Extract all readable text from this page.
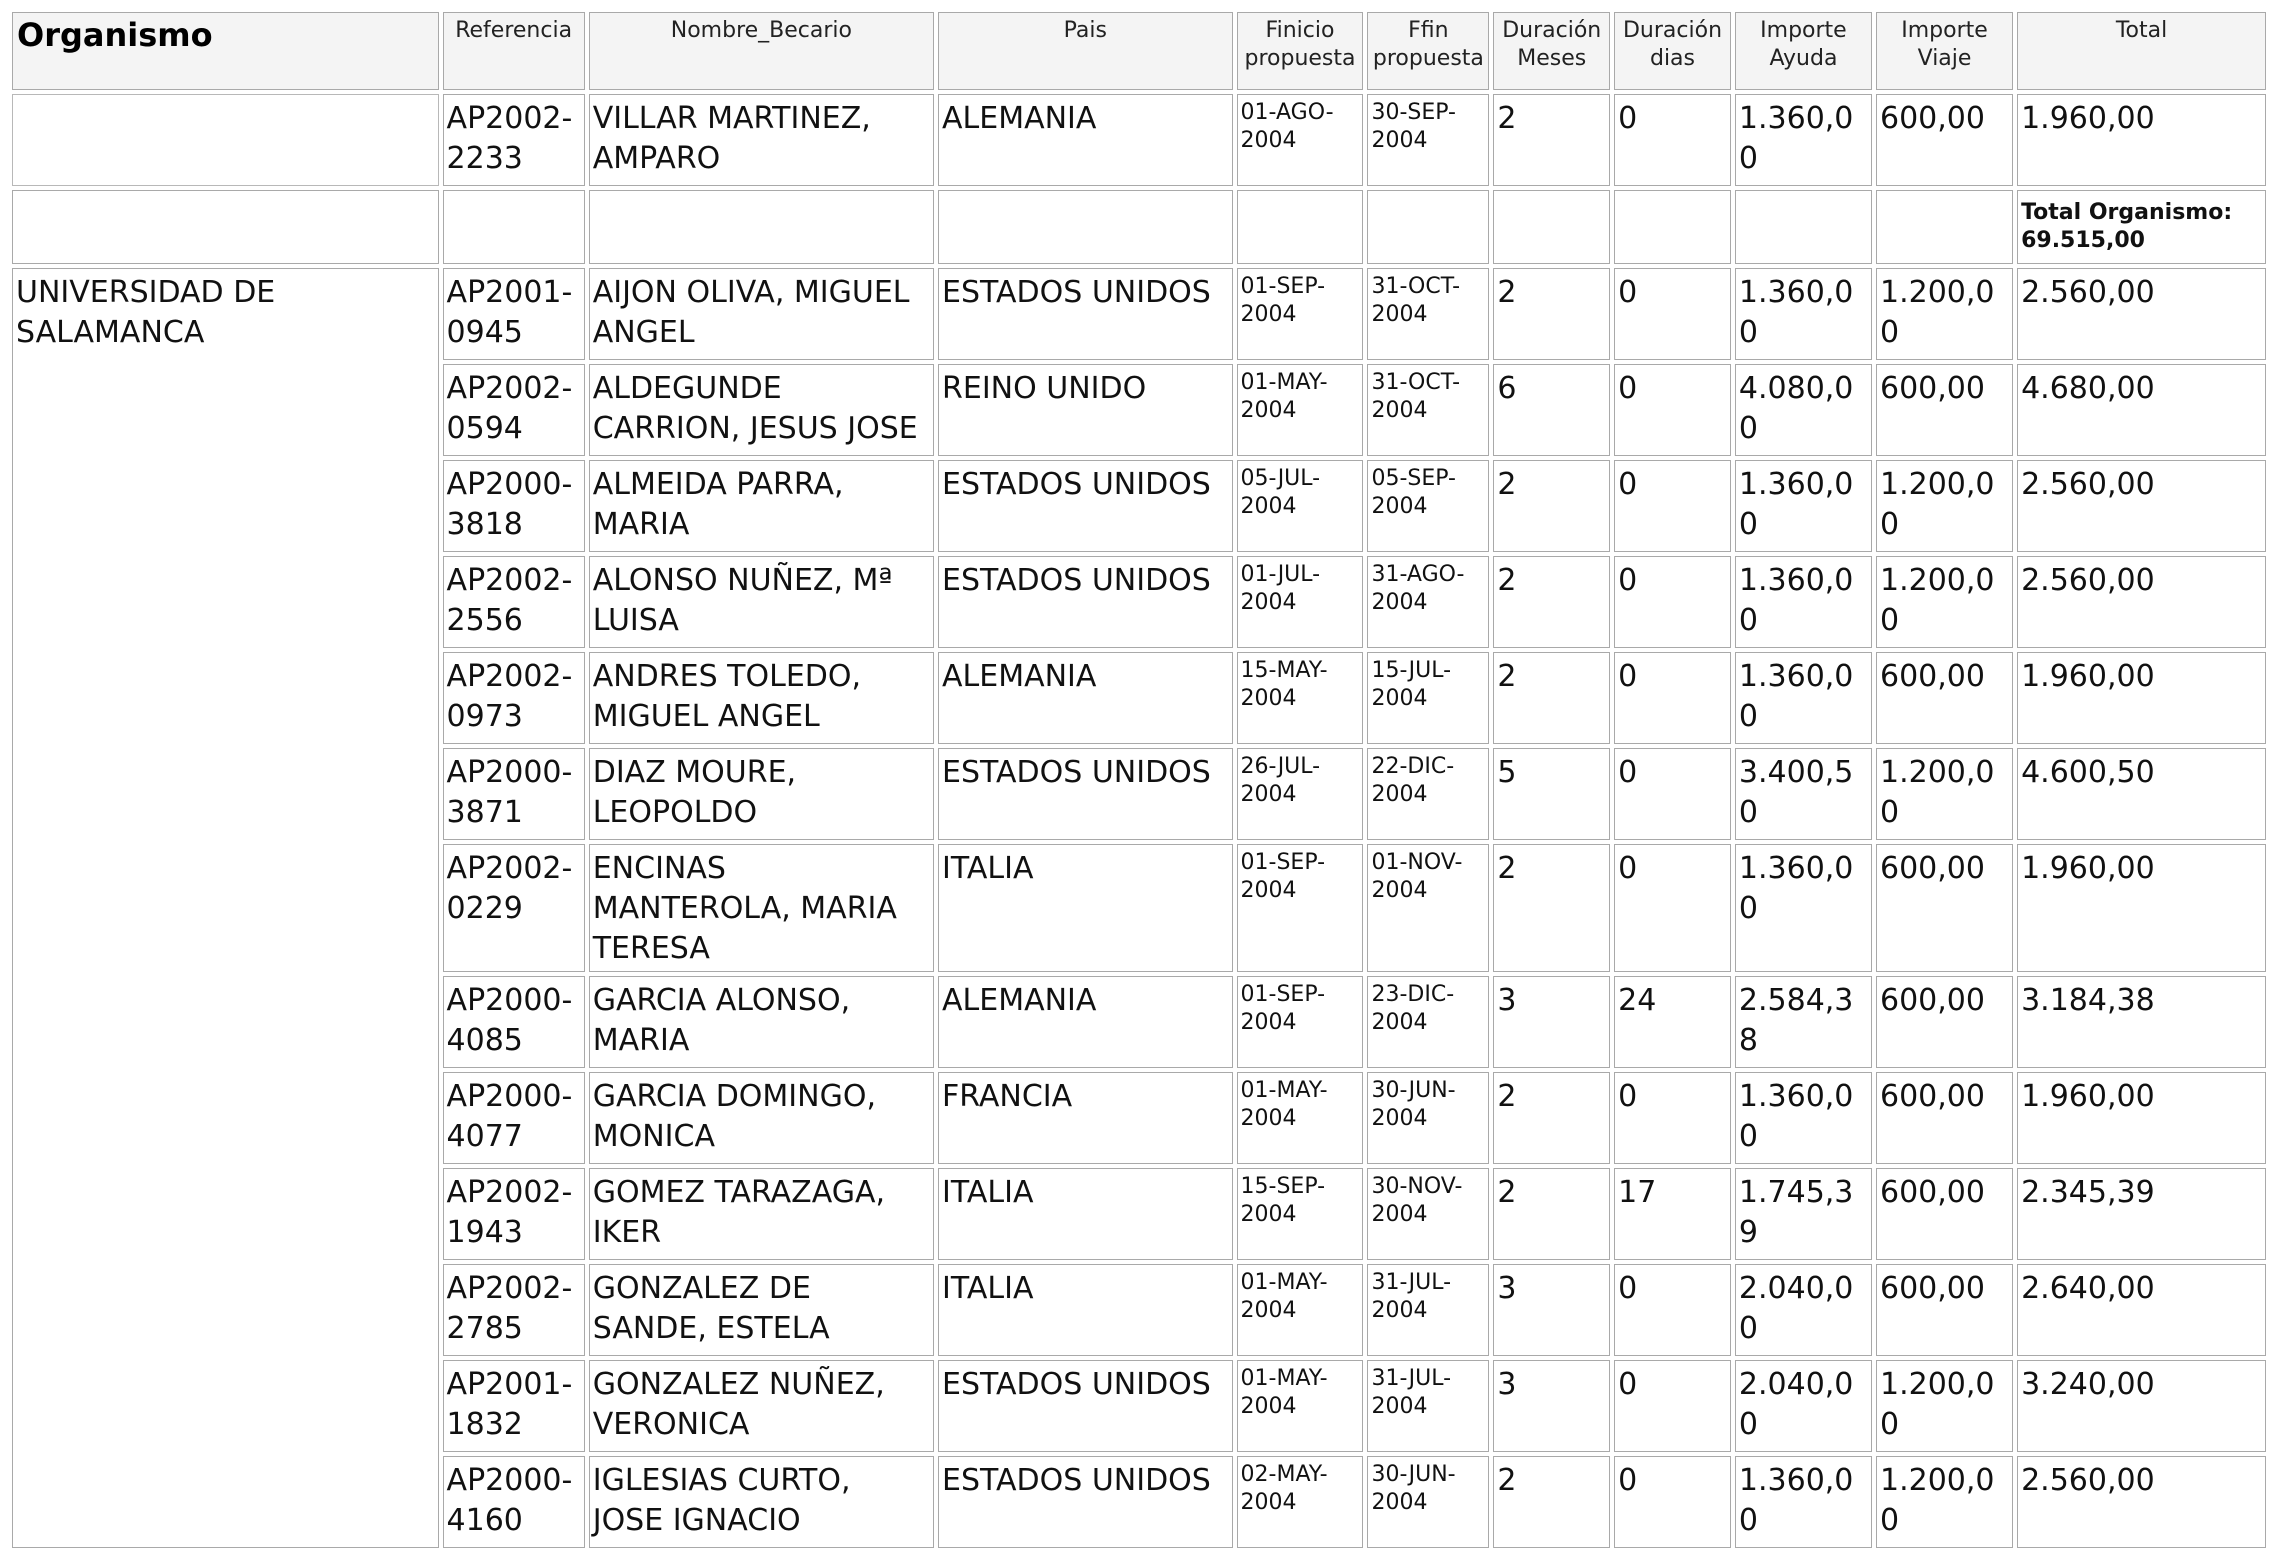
Organismo	Referencia	Nombre_Becario	Pais	Finicio propuesta	Ffin propuesta	Duración Meses	Duración dias	Importe Ayuda	Importe Viaje	Total
	AP2002-2233	VILLAR MARTINEZ, AMPARO	ALEMANIA	01-AGO-2004	30-SEP-2004	2	0	1.360,00	600,00	1.960,00
										Total Organismo: 69.515,00
UNIVERSIDAD DE SALAMANCA	AP2001-0945	AIJON OLIVA, MIGUEL ANGEL	ESTADOS UNIDOS	01-SEP-2004	31-OCT-2004	2	0	1.360,00	1.200,00	2.560,00
	AP2002-0594	ALDEGUNDE CARRION, JESUS JOSE	REINO UNIDO	01-MAY-2004	31-OCT-2004	6	0	4.080,00	600,00	4.680,00
	AP2000-3818	ALMEIDA PARRA, MARIA	ESTADOS UNIDOS	05-JUL-2004	05-SEP-2004	2	0	1.360,00	1.200,00	2.560,00
	AP2002-2556	ALONSO NUÑEZ, Mª LUISA	ESTADOS UNIDOS	01-JUL-2004	31-AGO-2004	2	0	1.360,00	1.200,00	2.560,00
	AP2002-0973	ANDRES TOLEDO, MIGUEL ANGEL	ALEMANIA	15-MAY-2004	15-JUL-2004	2	0	1.360,00	600,00	1.960,00
	AP2000-3871	DIAZ MOURE, LEOPOLDO	ESTADOS UNIDOS	26-JUL-2004	22-DIC-2004	5	0	3.400,50	1.200,00	4.600,50
	AP2002-0229	ENCINAS MANTEROLA, MARIA TERESA	ITALIA	01-SEP-2004	01-NOV-2004	2	0	1.360,00	600,00	1.960,00
	AP2000-4085	GARCIA ALONSO, MARIA	ALEMANIA	01-SEP-2004	23-DIC-2004	3	24	2.584,38	600,00	3.184,38
	AP2000-4077	GARCIA DOMINGO, MONICA	FRANCIA	01-MAY-2004	30-JUN-2004	2	0	1.360,00	600,00	1.960,00
	AP2002-1943	GOMEZ TARAZAGA, IKER	ITALIA	15-SEP-2004	30-NOV-2004	2	17	1.745,39	600,00	2.345,39
	AP2002-2785	GONZALEZ DE SANDE, ESTELA	ITALIA	01-MAY-2004	31-JUL-2004	3	0	2.040,00	600,00	2.640,00
	AP2001-1832	GONZALEZ NUÑEZ, VERONICA	ESTADOS UNIDOS	01-MAY-2004	31-JUL-2004	3	0	2.040,00	1.200,00	3.240,00
	AP2000-4160	IGLESIAS CURTO, JOSE IGNACIO	ESTADOS UNIDOS	02-MAY-2004	30-JUN-2004	2	0	1.360,00	1.200,00	2.560,00
